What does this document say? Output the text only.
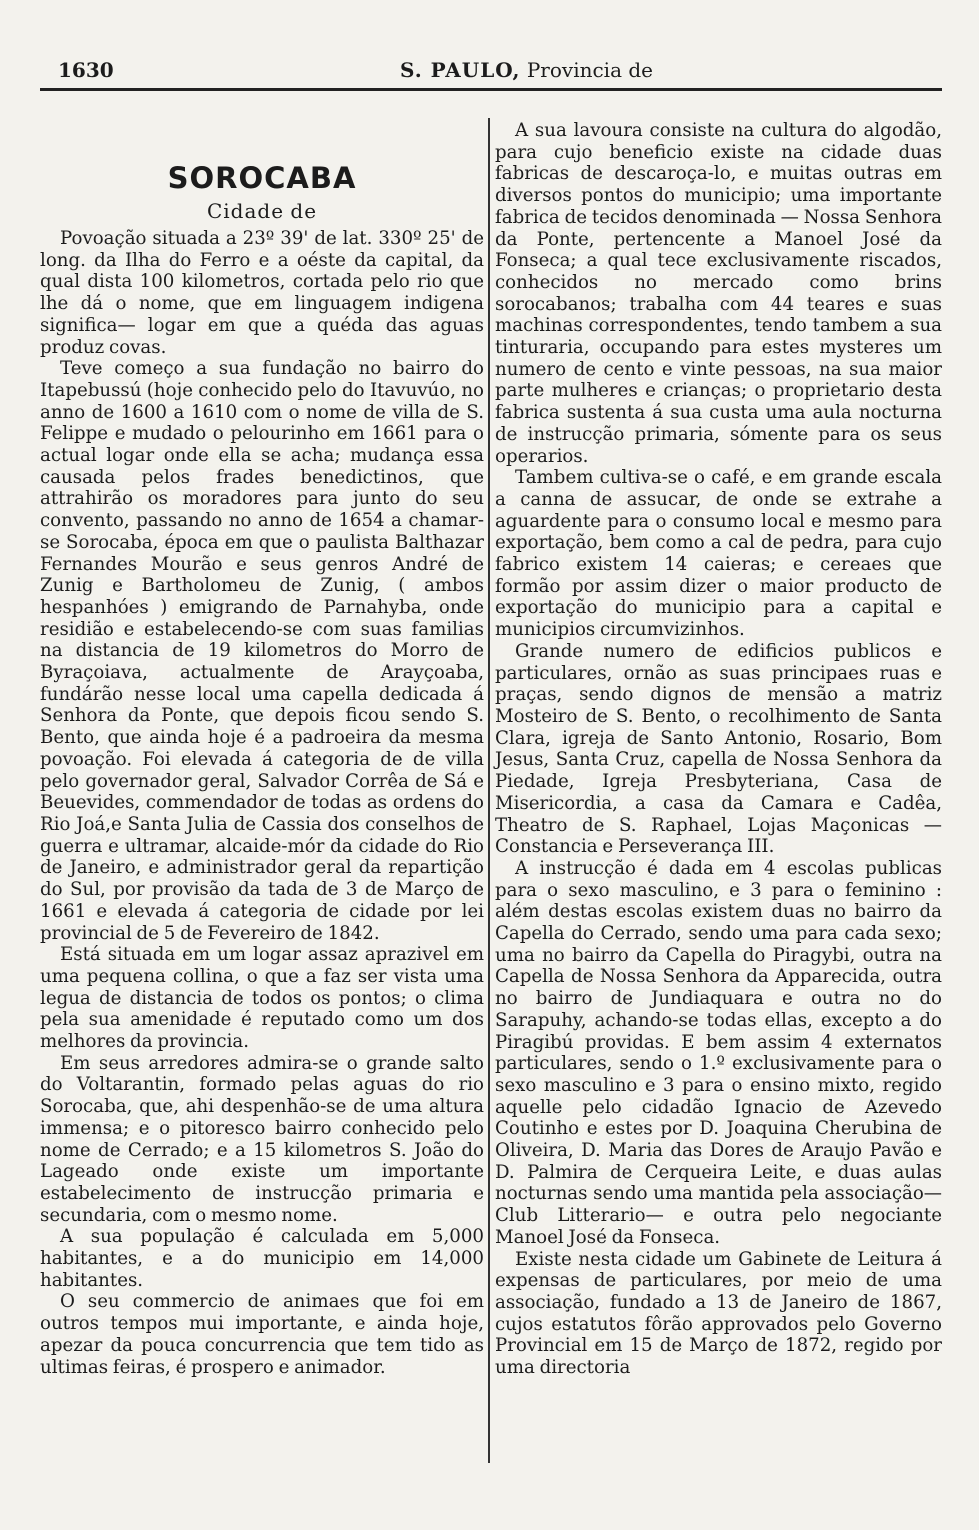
1630	S. PAULO, Provincia de
SOROCABA
Cidade de

Povoação situada a 23º 39' de lat. 330º 25' de long. da Ilha do Ferro e a oéste da capital, da qual dista 100 kilometros, cortada pelo rio que lhe dá o nome, que em linguagem indigena significa— logar em que a quéda das aguas produz covas.

Teve começo a sua fundação no bairro do Itapebussú (hoje conhecido pelo do Itavuvúo, no anno de 1600 a 1610 com o nome de villa de S. Felippe e mudado o pelourinho em 1661 para o actual logar onde ella se acha; mudança essa causada pelos frades benedictinos, que attrahirão os moradores para junto do seu convento, passando no anno de 1654 a chamar-se Sorocaba, época em que o paulista Balthazar Fernandes Mourão e seus genros André de Zunig e Bartholomeu de Zunig, ( ambos hespanhóes ) emigrando de Parnahyba, onde residião e estabelecendo-se com suas familias na distancia de 19 kilometros do Morro de Byraçoiava, actualmente de Arayçoaba, fundárão nesse local uma capella dedicada á Senhora da Ponte, que depois ficou sendo S. Bento, que ainda hoje é a padroeira da mesma povoação. Foi elevada á categoria de de villa pelo governador geral, Salvador Corrêa de Sá e Beuevides, commendador de todas as ordens do Rio Joá,e Santa Julia de Cassia dos conselhos de guerra e ultramar, alcaide-mór da cidade do Rio de Janeiro, e administrador geral da repartição do Sul, por provisão da tada de 3 de Março de 1661 e elevada á categoria de cidade por lei provincial de 5 de Fevereiro de 1842.

Está situada em um logar assaz aprazivel em uma pequena collina, o que a faz ser vista uma legua de distancia de todos os pontos; o clima pela sua amenidade é reputado como um dos melhores da provincia.

Em seus arredores admira-se o grande salto do Voltarantin, formado pelas aguas do rio Sorocaba, que, ahi despenhão-se de uma altura immensa; e o pitoresco bairro conhecido pelo nome de Cerrado; e a 15 kilometros S. João do Lageado onde existe um importante estabelecimento de instrucção primaria e secundaria, com o mesmo nome.

A sua população é calculada em 5,000 habitantes, e a do municipio em 14,000 habitantes.

O seu commercio de animaes que foi em outros tempos mui importante, e ainda hoje, apezar da pouca concurrencia que tem tido as ultimas feiras, é prospero e animador.

A sua lavoura consiste na cultura do algodão, para cujo beneficio existe na cidade duas fabricas de descaroça-lo, e muitas outras em diversos pontos do municipio; uma importante fabrica de tecidos denominada — Nossa Senhora da Ponte, pertencente a Manoel José da Fonseca; a qual tece exclusivamente riscados, conhecidos no mercado como brins sorocabanos; trabalha com 44 teares e suas machinas correspondentes, tendo tambem a sua tinturaria, occupando para estes mysteres um numero de cento e vinte pessoas, na sua maior parte mulheres e crianças; o proprietario desta fabrica sustenta á sua custa uma aula nocturna de instrucção primaria, sómente para os seus operarios.

Tambem cultiva-se o café, e em grande escala a canna de assucar, de onde se extrahe a aguardente para o consumo local e mesmo para exportação, bem como a cal de pedra, para cujo fabrico existem 14 caieras; e cereaes que formão por assim dizer o maior producto de exportação do municipio para a capital e municipios circumvizinhos.

Grande numero de edificios publicos e particulares, ornão as suas principaes ruas e praças, sendo dignos de mensão a matriz Mosteiro de S. Bento, o recolhimento de Santa Clara, igreja de Santo Antonio, Rosario, Bom Jesus, Santa Cruz, capella de Nossa Senhora da Piedade, Igreja Presbyteriana, Casa de Misericordia, a casa da Camara e Cadêa, Theatro de S. Raphael, Lojas Maçonicas — Constancia e Perseverança III.

A instrucção é dada em 4 escolas publicas para o sexo masculino, e 3 para o feminino : além destas escolas existem duas no bairro da Capella do Cerrado, sendo uma para cada sexo; uma no bairro da Capella do Piragybi, outra na Capella de Nossa Senhora da Apparecida, outra no bairro de Jundiaquara e outra no do Sarapuhy, achando-se todas ellas, excepto a do Piragibú providas. E bem assim 4 externatos particulares, sendo o 1.º exclusivamente para o sexo masculino e 3 para o ensino mixto, regido aquelle pelo cidadão Ignacio de Azevedo Coutinho e estes por D. Joaquina Cherubina de Oliveira, D. Maria das Dores de Araujo Pavão e D. Palmira de Cerqueira Leite, e duas aulas nocturnas sendo uma mantida pela associação— Club Litterario— e outra pelo negociante Manoel José da Fonseca.

Existe nesta cidade um Gabinete de Leitura á expensas de particulares, por meio de uma associação, fundado a 13 de Janeiro de 1867, cujos estatutos fôrão approvados pelo Governo Provincial em 15 de Março de 1872, regido por uma directoria
